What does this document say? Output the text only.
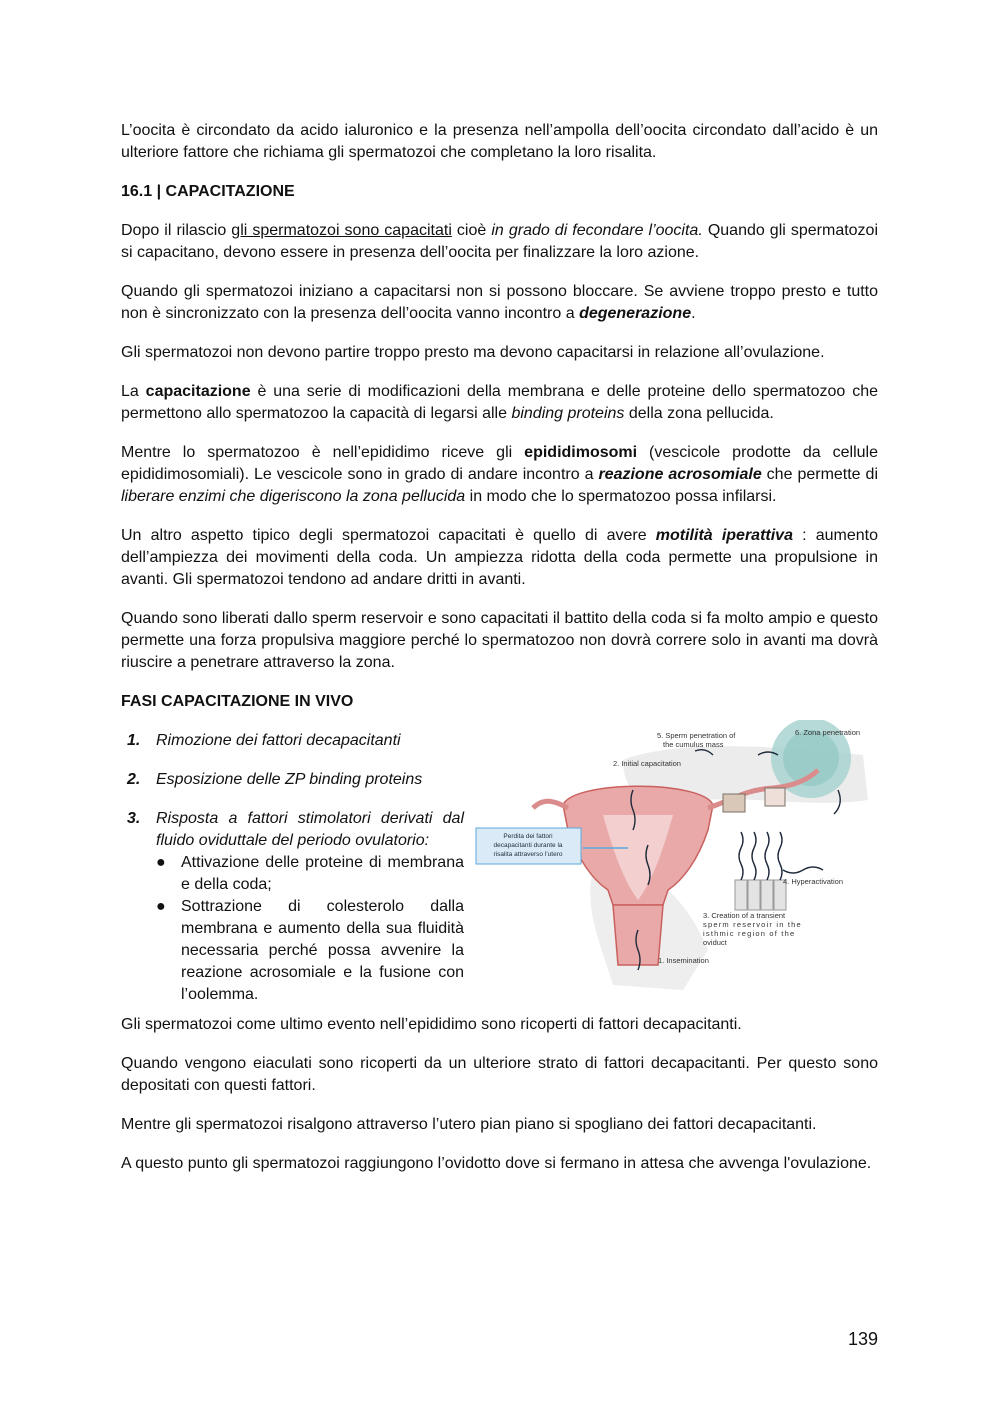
L’oocita è circondato da acido ialuronico e la presenza nell’ampolla dell’oocita circondato dall’acido è un ulteriore fattore che richiama gli spermatozoi che completano la loro risalita.

16.1 | CAPACITAZIONE

Dopo il rilascio gli spermatozoi sono capacitati cioè in grado di fecondare l’oocita. Quando gli spermatozoi si capacitano, devono essere in presenza dell’oocita per finalizzare la loro azione.

Quando gli spermatozoi iniziano a capacitarsi non si possono bloccare. Se avviene troppo presto e tutto non è sincronizzato con la presenza dell’oocita vanno incontro a degenerazione.

Gli spermatozoi non devono partire troppo presto ma devono capacitarsi in relazione all’ovulazione.

La capacitazione è una serie di modificazioni della membrana e delle proteine dello spermatozoo che permettono allo spermatozoo la capacità di legarsi alle binding proteins della zona pellucida.

Mentre lo spermatozoo è nell’epididimo riceve gli epididimosomi (vescicole prodotte da cellule epididimosomiali). Le vescicole sono in grado di andare incontro a reazione acrosomiale che permette di liberare enzimi che digeriscono la zona pellucida in modo che lo spermatozoo possa infilarsi.

Un altro aspetto tipico degli spermatozoi capacitati è quello di avere motilità iperattiva : aumento dell’ampiezza dei movimenti della coda. Un ampiezza ridotta della coda permette una propulsione in avanti. Gli spermatozoi tendono ad andare dritti in avanti.

Quando sono liberati dallo sperm reservoir e sono capacitati il battito della coda si fa molto ampio e questo permette una forza propulsiva maggiore perché lo spermatozoo non dovrà correre solo in avanti ma dovrà riuscire a penetrare attraverso la zona.

FASI CAPACITAZIONE IN VIVO
1. Rimozione dei fattori decapacitanti
2. Esposizione delle ZP binding proteins
3. Risposta a fattori stimolatori derivati dal fluido oviduttale del periodo ovulatorio:
● Attivazione delle proteine di membrana e della coda;
● Sottrazione di colesterolo dalla membrana e aumento della sua fluidità necessaria perché possa avvenire la reazione acrosomiale e la fusione con l’oolemma.
Perdita dei fattori
decapacitanti durante la
risalita attraverso l’utero
5. Sperm penetration of
the cumulus mass
6. Zona penetration
2. Initial capacitation
4. Hyperactivation
3. Creation of a transient
sperm reservoir in the
isthmic region of the
oviduct
1. Insemination

Gli spermatozoi come ultimo evento nell’epididimo sono ricoperti di fattori decapacitanti.

Quando vengono eiaculati sono ricoperti da un ulteriore strato di fattori decapacitanti. Per questo sono depositati con questi fattori.

Mentre gli spermatozoi risalgono attraverso l’utero pian piano si spogliano dei fattori decapacitanti.

A questo punto gli spermatozoi raggiungono l’ovidotto dove si fermano in attesa che avvenga l'ovulazione.

139
